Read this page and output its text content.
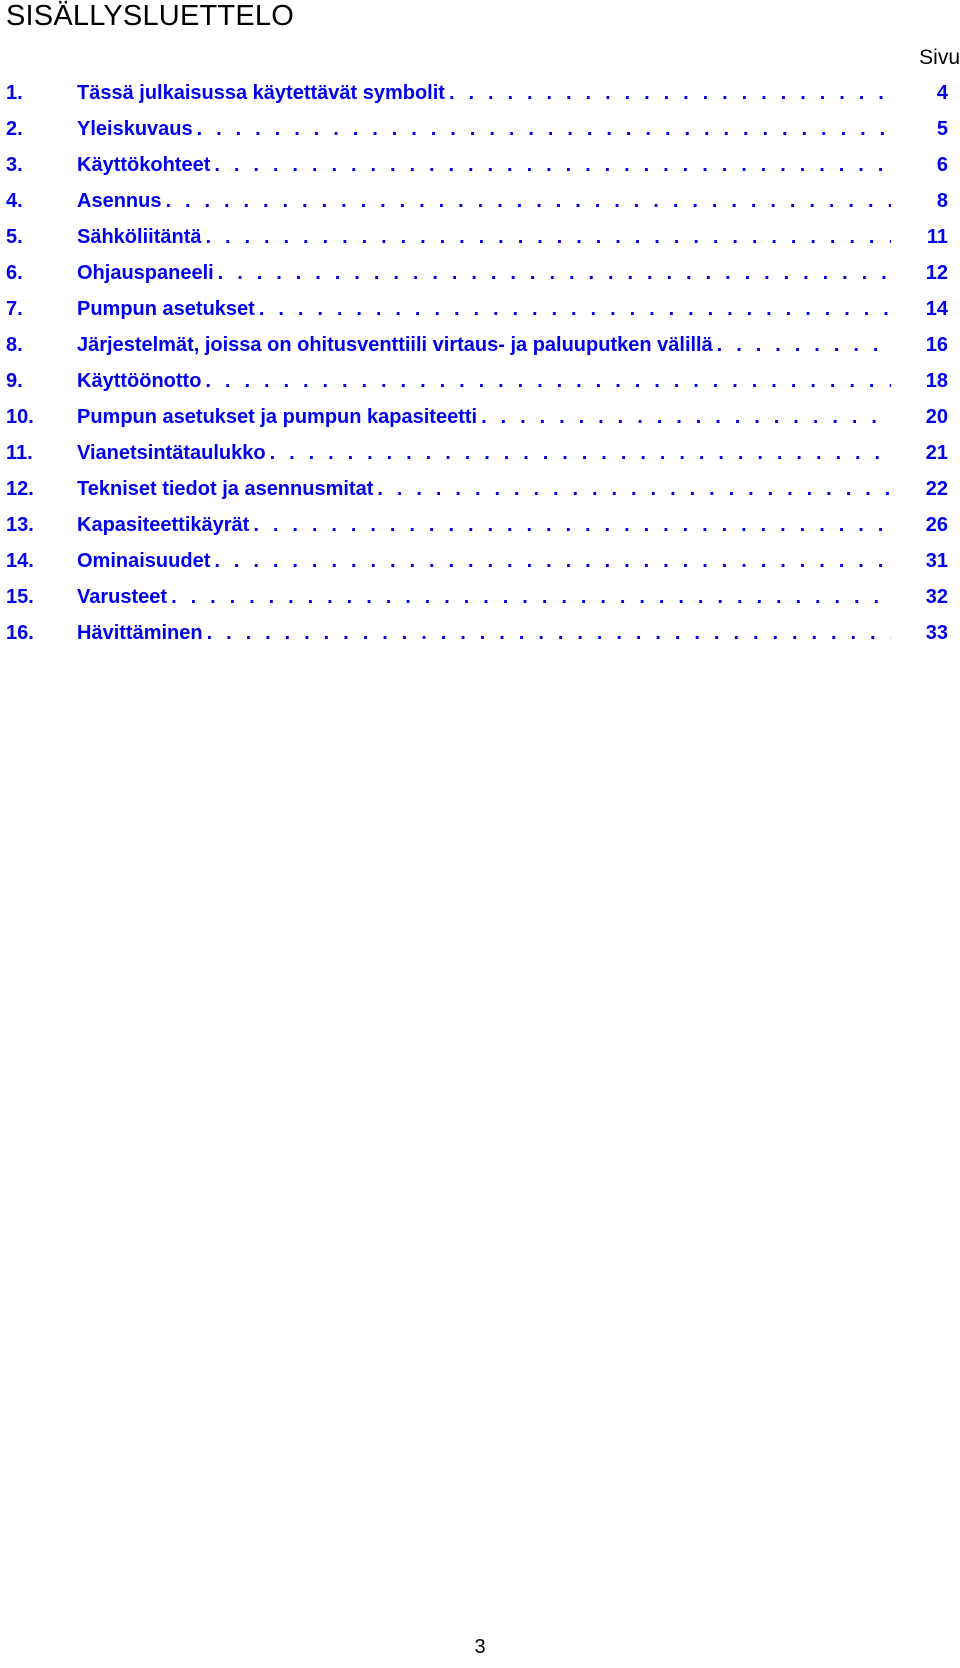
SISÄLLYSLUETTELO
Sivu
1.	Tässä julkaisussa käytettävät symbolit . . .	4
2.	Yleiskuvaus . . .	5
3.	Käyttökohteet . . .	6
4.	Asennus . . .	8
5.	Sähköliitäntä . . .	11
6.	Ohjauspaneeli . . .	12
7.	Pumpun asetukset . . .	14
8.	Järjestelmät, joissa on ohitusventtiili virtaus- ja paluuputken välillä . . .	16
9.	Käyttöönotto . . .	18
10. Pumpun asetukset ja pumpun kapasiteetti . . .	20
11. Vianetsintätaulukko . . .	21
12. Tekniset tiedot ja asennusmitat . . .	22
13. Kapasiteettikäyrät . . .	26
14. Ominaisuudet . . .	31
15. Varusteet . . .	32
16. Hävittäminen . . .	33
3
